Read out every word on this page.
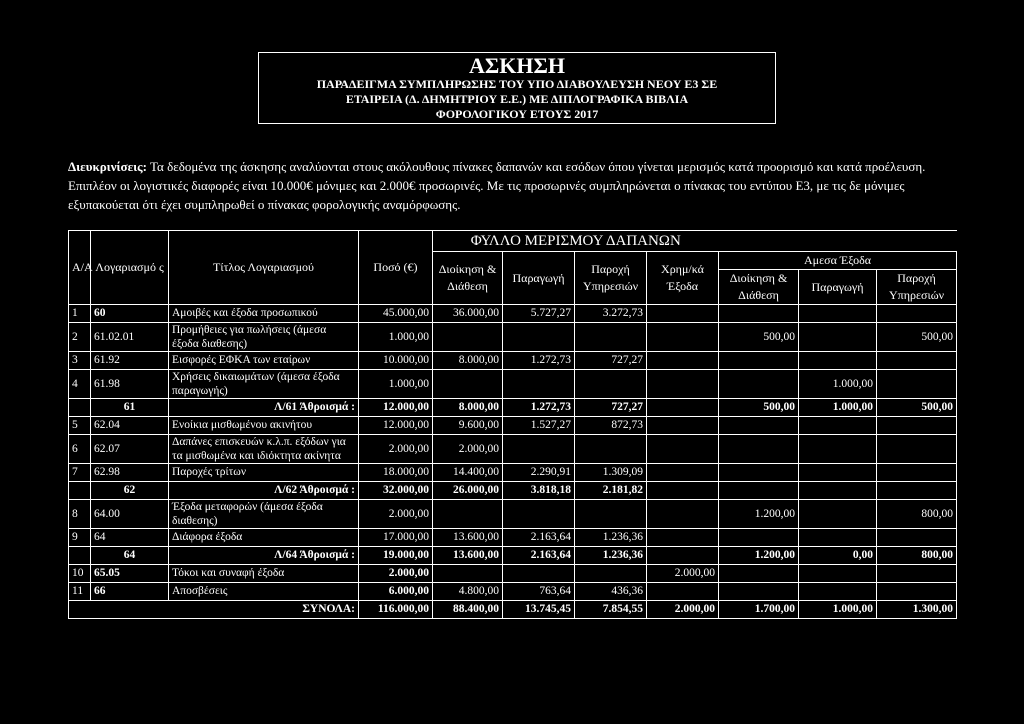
ΑΣΚΗΣΗ
ΠΑΡΑΔΕΙΓΜΑ ΣΥΜΠΛΗΡΩΣΗΣ ΤΟΥ ΥΠΟ ΔΙΑΒΟΥΛΕΥΣΗ ΝΕΟΥ Ε3 ΣΕ
ΕΤΑΙΡΕΙΑ (Δ. ΔΗΜΗΤΡΙΟΥ Ε.Ε.) ΜΕ ΔΙΠΛΟΓΡΑΦΙΚΑ ΒΙΒΛΙΑ
ΦΟΡΟΛΟΓΙΚΟΥ ΕΤΟΥΣ 2017
Διευκρινίσεις: Τα δεδομένα της άσκησης αναλύονται στους ακόλουθους πίνακες δαπανών και εσόδων όπου γίνεται μερισμός κατά προορισμό και κατά προέλευση. Επιπλέον οι λογιστικές διαφορές είναι 10.000€ μόνιμες και 2.000€ προσωρινές. Με τις προσωρινές συμπληρώνεται ο πίνακας του εντύπου Ε3, με τις δε μόνιμες εξυπακούεται ότι έχει συμπληρωθεί ο πίνακας φορολογικής αναμόρφωσης.
Α/Α	Λογαριασμό ς	Τίτλος Λογαριασμού	Ποσό (€)	ΦΥΛΛΟ ΜΕΡΙΣΜΟΥ ΔΑΠΑΝΩΝ						
				Διοίκηση & Διάθεση	Παραγωγή	Παροχή Υπηρεσιών	Χρημ/κά Έξοδα	Αμεσα Έξοδα		
								Διοίκηση & Διάθεση	Παραγωγή	Παροχή Υπηρεσιών
1	60	Αμοιβές και έξοδα προσωπικού	45.000,00	36.000,00	5.727,27	3.272,73				
2	61.02.01	Προμήθειες για πωλήσεις (άμεσα έξοδα διαθεσης)	1.000,00					500,00		500,00
3	61.92	Εισφορές ΕΦΚΑ των εταίρων	10.000,00	8.000,00	1.272,73	727,27				
4	61.98	Χρήσεις δικαιωμάτων (άμεσα έξοδα παραγωγής)	1.000,00						1.000,00	
	61	Λ/61 Άθροισμά :	12.000,00	8.000,00	1.272,73	727,27		500,00	1.000,00	500,00
5	62.04	Ενοίκια μισθωμένου ακινήτου	12.000,00	9.600,00	1.527,27	872,73				
6	62.07	Δαπάνες επισκευών κ.λ.π. εξόδων για τα μισθωμένα και ιδιόκτητα ακίνητα	2.000,00	2.000,00						
7	62.98	Παροχές τρίτων	18.000,00	14.400,00	2.290,91	1.309,09				
	62	Λ/62 Άθροισμά :	32.000,00	26.000,00	3.818,18	2.181,82				
8	64.00	Έξοδα μεταφορών (άμεσα έξοδα διαθεσης)	2.000,00					1.200,00		800,00
9	64	Διάφορα έξοδα	17.000,00	13.600,00	2.163,64	1.236,36				
	64	Λ/64 Άθροισμά :	19.000,00	13.600,00	2.163,64	1.236,36		1.200,00	0,00	800,00
10	65.05	Τόκοι και συναφή έξοδα	2.000,00				2.000,00			
11	66	Αποσβέσεις	6.000,00	4.800,00	763,64	436,36				
ΣΥΝΟΛΑ:			116.000,00	88.400,00	13.745,45	7.854,55	2.000,00	1.700,00	1.000,00	1.300,00
